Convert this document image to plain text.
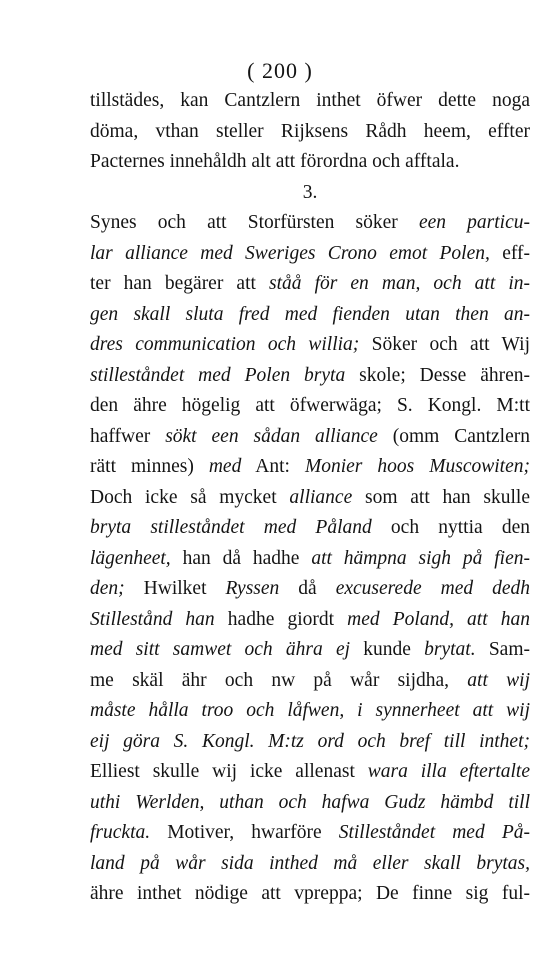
( 200 )
tillstädes, kan Cantzlern inthet öfwer dette noga
döma, vthan steller Rijksens Rådh heem, effter
Pacternes innehåldh alt att förordna och afftala.
3.
Synes och att Storfürsten söker een particu-
lar alliance med Sweriges Crono emot Polen, eff-
ter han begärer att ståå för en man, och att in-
gen skall sluta fred med fienden utan then an-
dres communication och willia; Söker och att Wij
stilleståndet med Polen bryta skole; Desse ähren-
den ähre högelig att öfwerwäga; S. Kongl. M:tt
haffwer sökt een sådan alliance (omm Cantzlern
rätt minnes) med Ant: Monier hoos Muscowiten;
Doch icke så mycket alliance som att han skulle
bryta stilleståndet med Påland och nyttia den
lägenheet, han då hadhe att hämpna sigh på fien-
den; Hwilket Ryssen då excuserede med dedh
Stillestånd han hadhe giordt med Poland, att han
med sitt samwet och ähra ej kunde brytat. Sam-
me skäl ähr och nw på wår sijdha, att wij
måste hålla troo och låfwen, i synnerheet att wij
eij göra S. Kongl. M:tz ord och bref till inthet;
Elliest skulle wij icke allenast wara illa eftertalte
uthi Werlden, uthan och hafwa Gudz hämbd till
fruckta. Motiver, hwarföre Stilleståndet med På-
land på wår sida inthed må eller skall brytas,
ähre inthet nödige att vpreppa; De finne sig ful-
